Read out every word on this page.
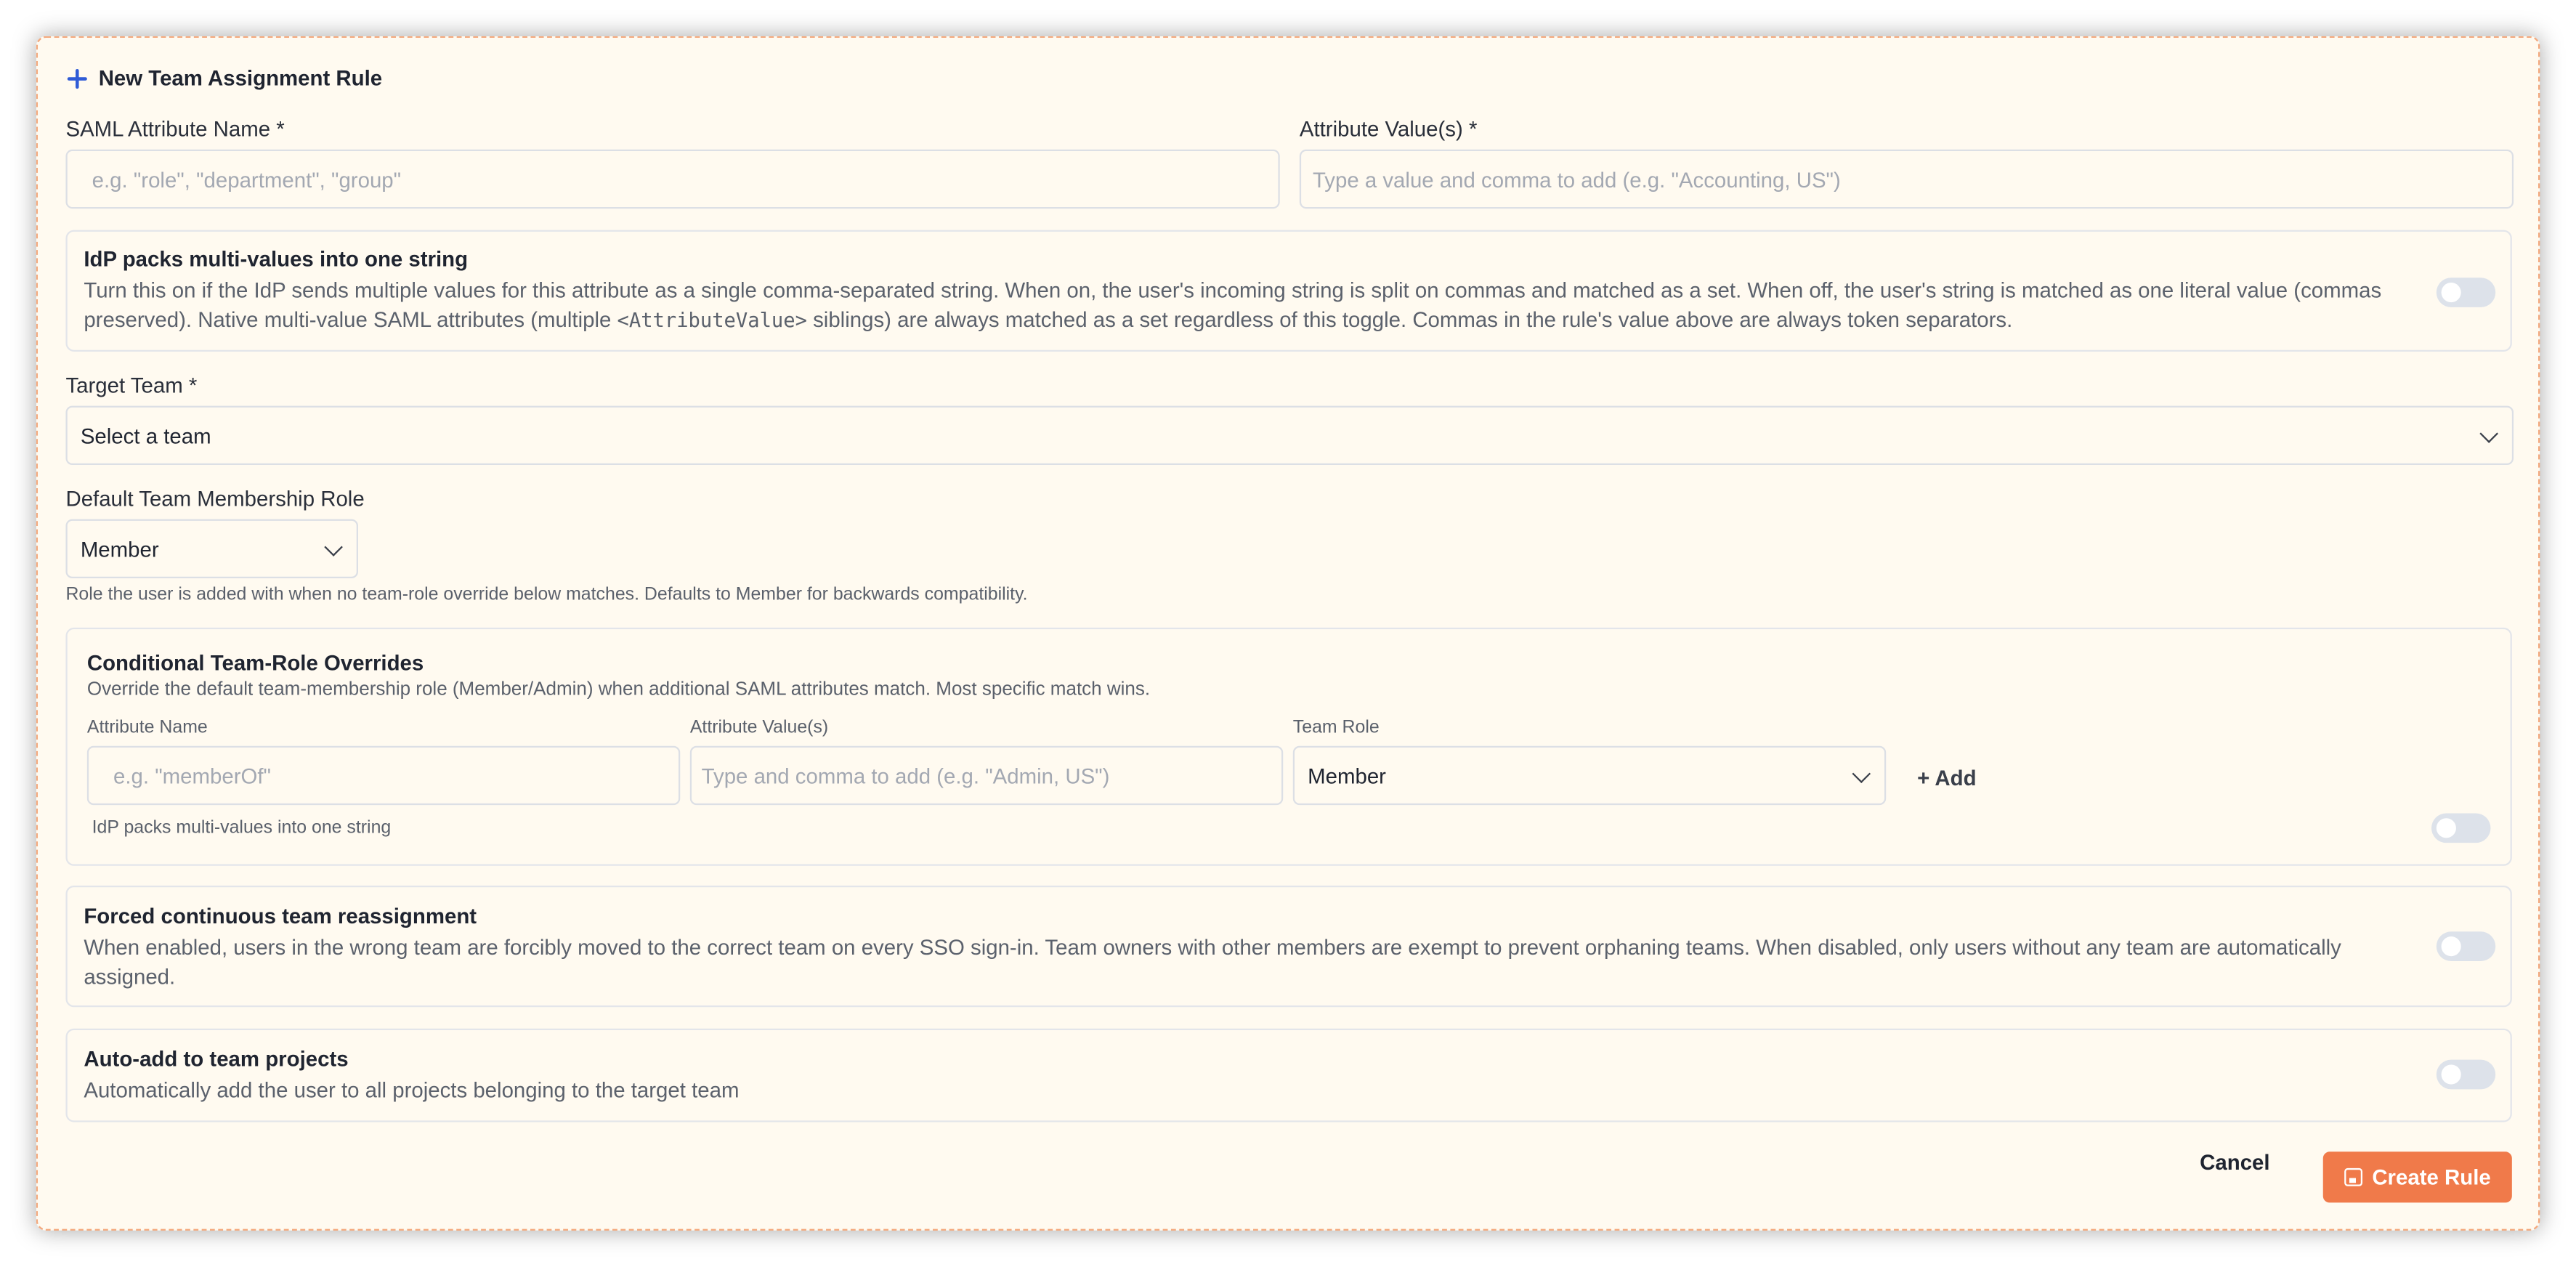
New Team Assignment Rule
SAML Attribute Name *
e.g. "role", "department", "group"
Attribute Value(s) *
Type a value and comma to add (e.g. "Accounting, US")
IdP packs multi-values into one string
Turn this on if the IdP sends multiple values for this attribute as a single comma-separated string. When on, the user's incoming string is split on commas and matched as a set. When off, the user's string is matched as one literal value (commas preserved). Native multi-value SAML attributes (multiple <AttributeValue> siblings) are always matched as a set regardless of this toggle. Commas in the rule's value above are always token separators.
Target Team *
Select a team
Default Team Membership Role
Member
Role the user is added with when no team-role override below matches. Defaults to Member for backwards compatibility.
Conditional Team-Role Overrides
Override the default team-membership role (Member/Admin) when additional SAML attributes match. Most specific match wins.
Attribute Name
e.g. "memberOf"
Attribute Value(s)
Type and comma to add (e.g. "Admin, US")
Team Role
Member	+ Add
IdP packs multi-values into one string
Forced continuous team reassignment
When enabled, users in the wrong team are forcibly moved to the correct team on every SSO sign-in. Team owners with other members are exempt to prevent orphaning teams. When disabled, only users without any team are automatically assigned.
Auto-add to team projects
Automatically add the user to all projects belonging to the target team
Cancel
Create Rule
